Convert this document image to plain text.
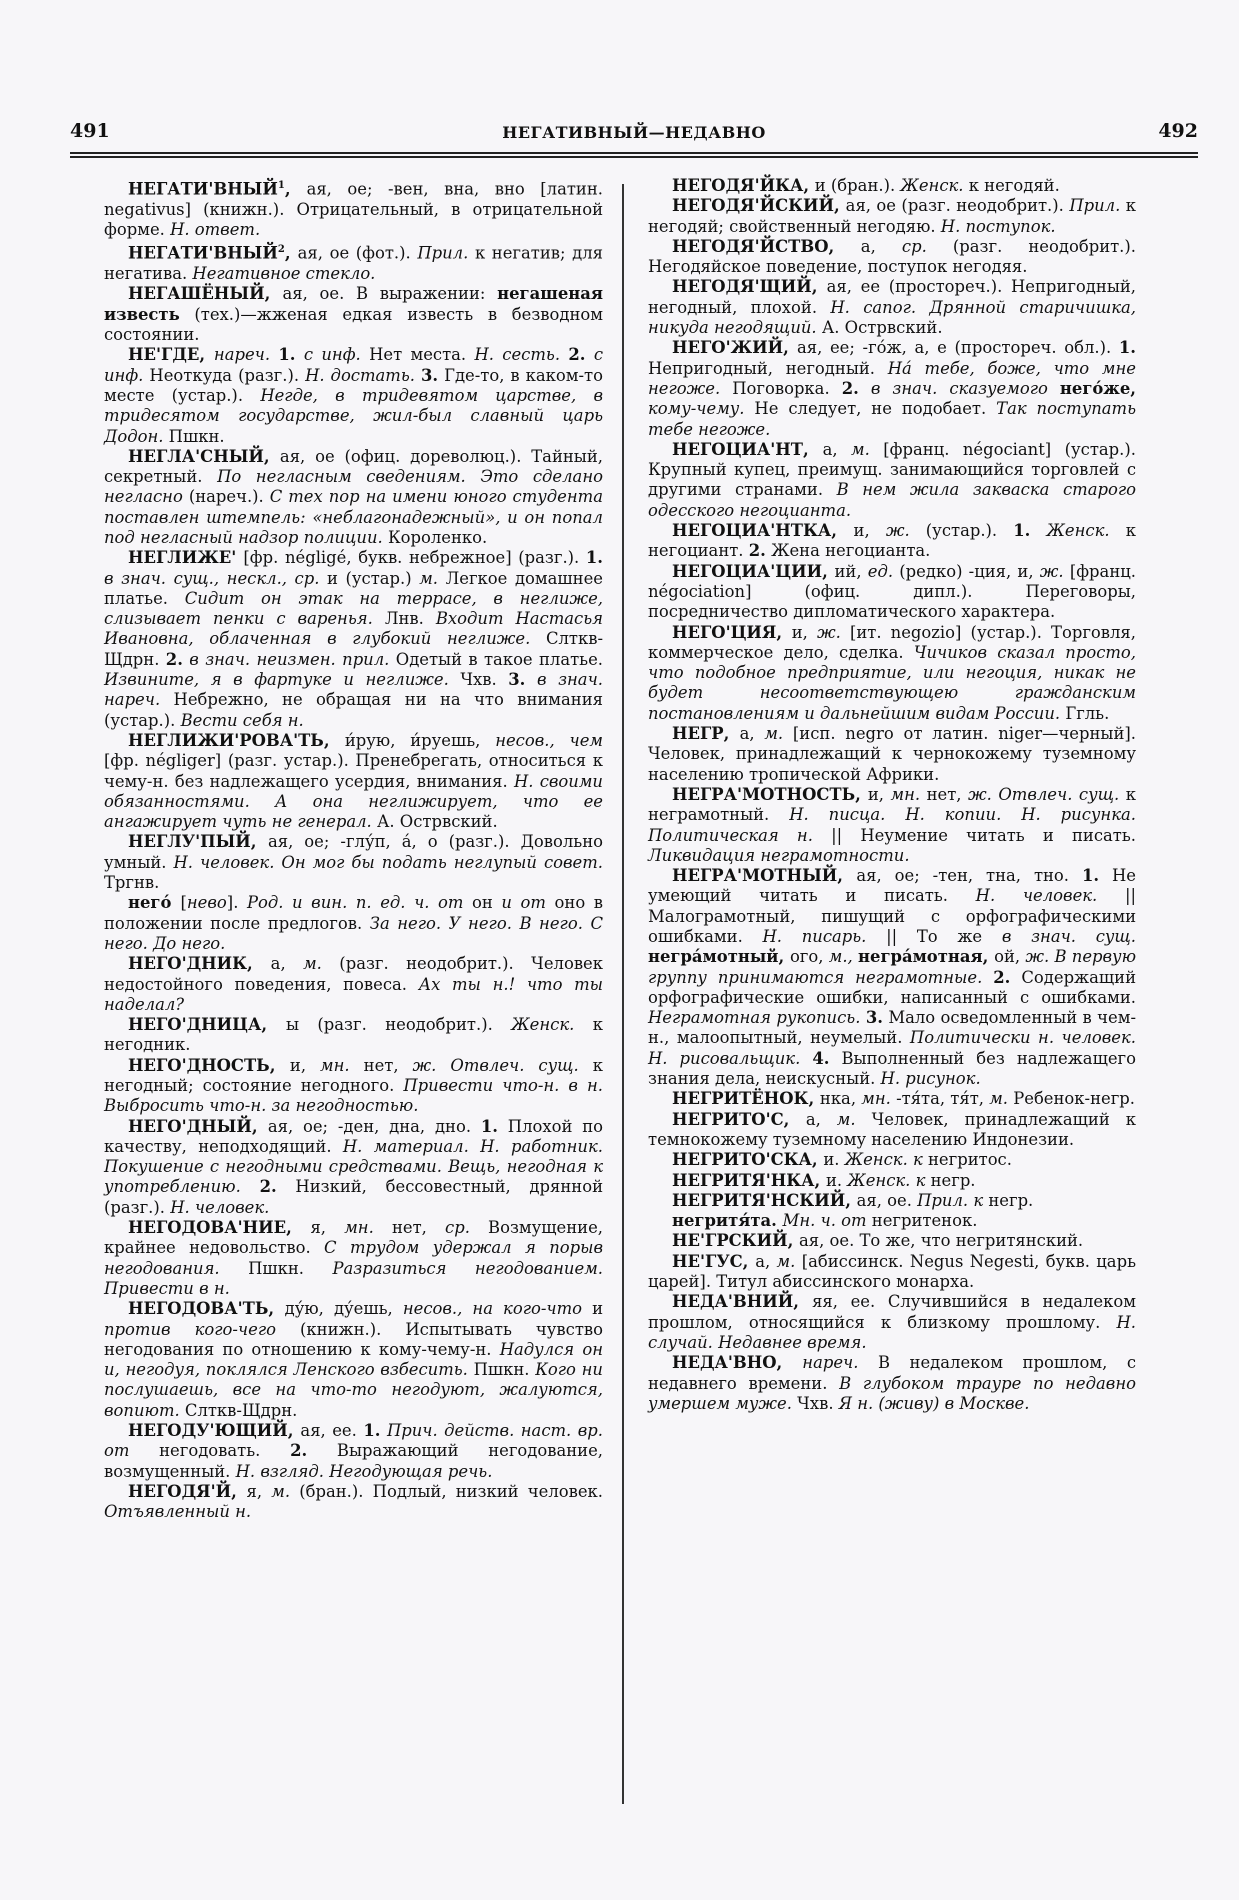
491	НЕГАТИВНЫЙ—НЕДАВНО	492

НЕГАТИ'ВНЫЙ$^1$, ая, ое; -вен, вна, вно [латин. negativus] (книжн.). Отрицательный, в отрицательной форме. Н. ответ.

НЕГАТИ'ВНЫЙ$^2$, ая, ое (фот.). Прил. к негатив; для негатива. Негативное стекло.

НЕГАШЁНЫЙ, ая, ое. В выражении: негашеная известь (тех.)—жженая едкая известь в безводном состоянии.

НЕ'ГДЕ, нареч. 1. с инф. Нет места. Н. сесть. 2. с инф. Неоткуда (разг.). Н. достать. 3. Где-то, в каком-то месте (устар.). Негде, в тридевятом царстве, в тридесятом государстве, жил-был славный царь Додон. Пшкн.

НЕГЛА'СНЫЙ, ая, ое (офиц. дореволюц.). Тайный, секретный. По негласным сведениям. Это сделано негласно (нареч.). С тех пор на имени юного студента поставлен штемпель: «неблагонадежный», и он попал под негласный надзор полиции. Короленко.

НЕГЛИЖЕ' [фр. négligé, букв. небрежное] (разг.). 1. в знач. сущ., нескл., ср. и (устар.) м. Легкое домашнее платье. Сидит он этак на террасе, в неглиже, слизывает пенки с варенья. Лнв. Входит Настасья Ивановна, облаченная в глубокий неглиже. Слткв-Щдрн. 2. в знач. неизмен. прил. Одетый в такое платье. Извините, я в фартуке и неглиже. Чхв. 3. в знач. нареч. Небрежно, не обращая ни на что внимания (устар.). Вести себя н.

НЕГЛИЖИ'РОВА'ТЬ, и́рую, и́руешь, несов., чем [фр. négliger] (разг. устар.). Пренебрегать, относиться к чему-н. без надлежащего усердия, внимания. Н. своими обязанностями. А она неглижирует, что ее ангажирует чуть не генерал. А. Острвский.

НЕГЛУ'ПЫЙ, ая, ое; -глу́п, а́, о (разг.). Довольно умный. Н. человек. Он мог бы подать неглупый совет. Тргнв.

него́ [нево]. Род. и вин. п. ед. ч. от он и от оно в положении после предлогов. За него. У него. В него. С него. До него.

НЕГО'ДНИК, а, м. (разг. неодобрит.). Человек недостойного поведения, повеса. Ах ты н.! что ты наделал?

НЕГО'ДНИЦА, ы (разг. неодобрит.). Женск. к негодник.

НЕГО'ДНОСТЬ, и, мн. нет, ж. Отвлеч. сущ. к негодный; состояние негодного. Привести что-н. в н. Выбросить что-н. за негодностью.

НЕГО'ДНЫЙ, ая, ое; -ден, дна, дно. 1. Плохой по качеству, неподходящий. Н. материал. Н. работник. Покушение с негодными средствами. Вещь, негодная к употреблению. 2. Низкий, бессовестный, дрянной (разг.). Н. человек.

НЕГОДОВА'НИЕ, я, мн. нет, ср. Возмущение, крайнее недовольство. С трудом удержал я порыв негодования. Пшкн. Разразиться негодованием. Привести в н.

НЕГОДОВА'ТЬ, ду́ю, ду́ешь, несов., на кого-что и против кого-чего (книжн.). Испытывать чувство негодования по отношению к кому-чему-н. Надулся он и, негодуя, поклялся Ленского взбесить. Пшкн. Кого ни послушаешь, все на что-то негодуют, жалуются, вопиют. Слткв-Щдрн.

НЕГОДУ'ЮЩИЙ, ая, ее. 1. Прич. действ. наст. вр. от негодовать. 2. Выражающий негодование, возмущенный. Н. взгляд. Негодующая речь.

НЕГОДЯ'Й, я, м. (бран.). Подлый, низкий человек. Отъявленный н.

НЕГОДЯ'ЙКА, и (бран.). Женск. к негодяй.

НЕГОДЯ'ЙСКИЙ, ая, ое (разг. неодобрит.). Прил. к негодяй; свойственный негодяю. Н. поступок.

НЕГОДЯ'ЙСТВО, а, ср. (разг. неодобрит.). Негодяйское поведение, поступок негодяя.

НЕГОДЯ'ЩИЙ, ая, ее (простореч.). Непригодный, негодный, плохой. Н. сапог. Дрянной старичишка, никуда негодящий. А. Острвский.

НЕГО'ЖИЙ, ая, ее; -го́ж, а, е (простореч. обл.). 1. Непригодный, негодный. На́ тебе, боже, что мне негоже. Поговорка. 2. в знач. сказуемого него́же, кому-чему. Не следует, не подобает. Так поступать тебе негоже.

НЕГОЦИА'НТ, а, м. [франц. négociant] (устар.). Крупный купец, преимущ. занимающийся торговлей с другими странами. В нем жила закваска старого одесского негоцианта.

НЕГОЦИА'НТКА, и, ж. (устар.). 1. Женск. к негоциант. 2. Жена негоцианта.

НЕГОЦИА'ЦИИ, ий, ед. (редко) -ция, и, ж. [франц. négociation] (офиц. дипл.). Переговоры, посредничество дипломатического характера.

НЕГО'ЦИЯ, и, ж. [ит. negozio] (устар.). Торговля, коммерческое дело, сделка. Чичиков сказал просто, что подобное предприятие, или негоция, никак не будет несоответствующею гражданским постановлениям и дальнейшим видам России. Ггль.

НЕГР, а, м. [исп. negro от латин. niger—черный]. Человек, принадлежащий к чернокожему туземному населению тропической Африки.

НЕГРА'МОТНОСТЬ, и, мн. нет, ж. Отвлеч. сущ. к неграмотный. Н. писца. Н. копии. Н. рисунка. Политическая н. || Неумение читать и писать. Ликвидация неграмотности.

НЕГРА'МОТНЫЙ, ая, ое; -тен, тна, тно. 1. Не умеющий читать и писать. Н. человек. || Малограмотный, пишущий с орфографическими ошибками. Н. писарь. || То же в знач. сущ. негра́мотный, ого, м., негра́мотная, ой, ж. В первую группу принимаются неграмотные. 2. Содержащий орфографические ошибки, написанный с ошибками. Неграмотная рукопись. 3. Мало осведомленный в чем-н., малоопытный, неумелый. Политически н. человек. Н. рисовальщик. 4. Выполненный без надлежащего знания дела, неискусный. Н. рисунок.

НЕГРИТЁНОК, нка, мн. -тя́та, тя́т, м. Ребенок-негр.

НЕГРИТО'С, а, м. Человек, принадлежащий к темнокожему туземному населению Индонезии.

НЕГРИТО'СКА, и. Женск. к негритос.

НЕГРИТЯ'НКА, и. Женск. к негр.

НЕГРИТЯ'НСКИЙ, ая, ое. Прил. к негр.

негритя́та. Мн. ч. от негритенок.

НЕ'ГРСКИЙ, ая, ое. То же, что негритянский.

НЕ'ГУС, а, м. [абиссинск. Negus Negesti, букв. царь царей]. Титул абиссинского монарха.

НЕДА'ВНИЙ, яя, ее. Случившийся в недалеком прошлом, относящийся к близкому прошлому. Н. случай. Недавнее время.

НЕДА'ВНО, нареч. В недалеком прошлом, с недавнего времени. В глубоком трауре по недавно умершем муже. Чхв. Я н. (живу) в Москве.
